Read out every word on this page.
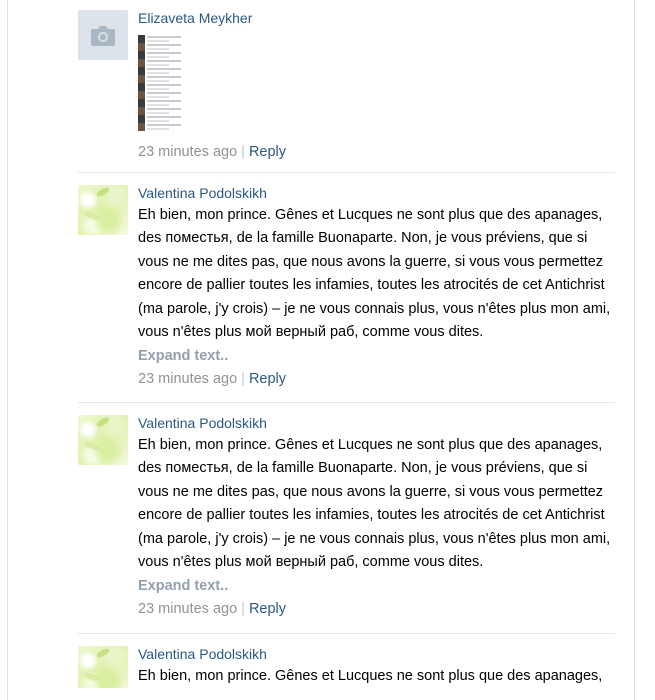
Elizaveta Meykher
23 minutes ago | Reply
Valentina Podolskikh
Eh bien, mon prince. Gênes et Lucques ne sont plus que des apanages, des поместья, de la famille Buonaparte. Non, je vous préviens, que si vous ne me dites pas, que nous avons la guerre, si vous vous permettez encore de pallier toutes les infamies, toutes les atrocités de cet Antichrist (ma parole, j'y crois) – je ne vous connais plus, vous n'êtes plus mon ami, vous n'êtes plus мой верный раб, comme vous dites.
Expand text..
23 minutes ago | Reply
Valentina Podolskikh
Eh bien, mon prince. Gênes et Lucques ne sont plus que des apanages, des поместья, de la famille Buonaparte. Non, je vous préviens, que si vous ne me dites pas, que nous avons la guerre, si vous vous permettez encore de pallier toutes les infamies, toutes les atrocités de cet Antichrist (ma parole, j'y crois) – je ne vous connais plus, vous n'êtes plus mon ami, vous n'êtes plus мой верный раб, comme vous dites.
Expand text..
23 minutes ago | Reply
Valentina Podolskikh
Eh bien, mon prince. Gênes et Lucques ne sont plus que des apanages,
